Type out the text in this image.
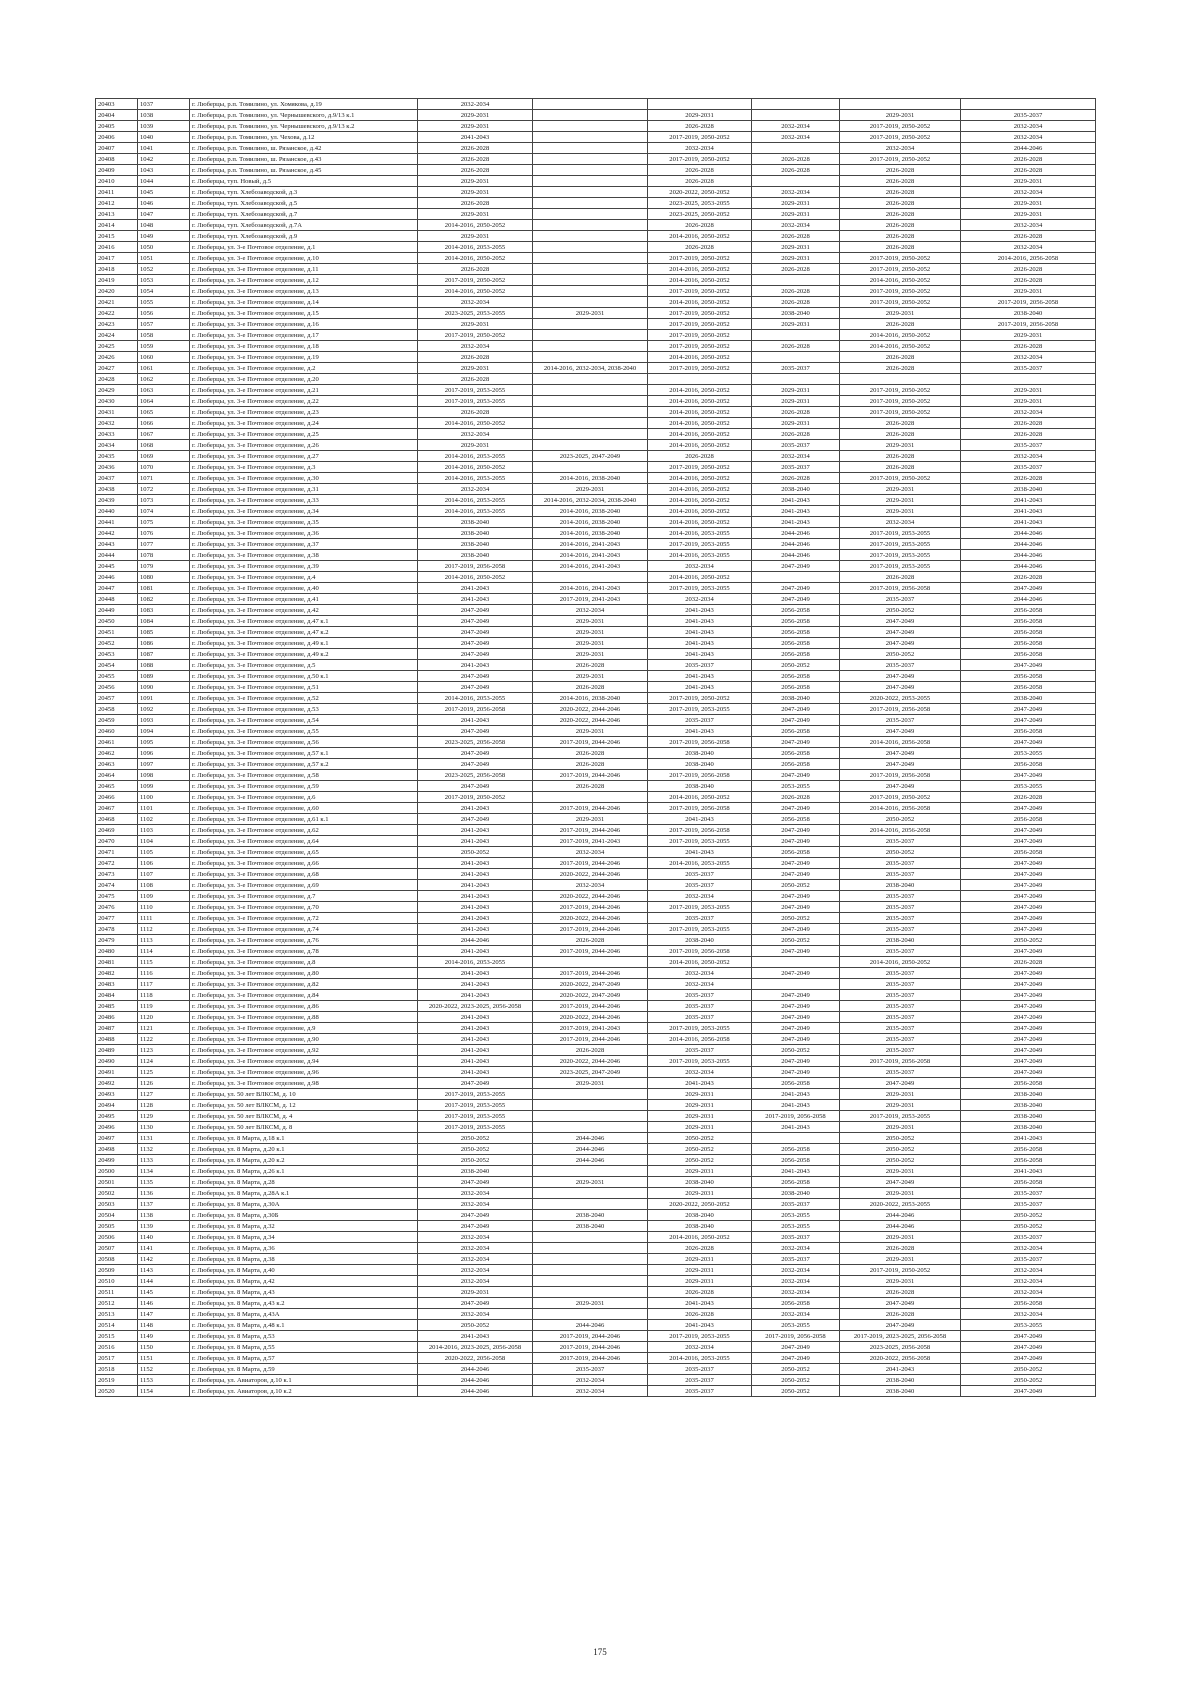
20403	1037	г. Люберцы, р.п. Томилино, ул. Хомякова, д.19	2032-2034					
20404	1038	г. Люберцы, р.п. Томилино, ул. Чернышевского, д.9/13 к.1	2029-2031		2029-2031		2029-2031	2035-2037
20405	1039	г. Люберцы, р.п. Томилино, ул. Чернышевского, д.9/13 к.2	2029-2031		2026-2028	2032-2034	2017-2019, 2050-2052	2032-2034
20406	1040	г. Люберцы, р.п. Томилино, ул. Чехова, д.12	2041-2043		2017-2019, 2050-2052	2032-2034	2017-2019, 2050-2052	2032-2034
20407	1041	г. Люберцы, р.п. Томилино, ш. Рязанское, д.42	2026-2028		2032-2034		2032-2034	2044-2046
20408	1042	г. Люберцы, р.п. Томилино, ш. Рязанское, д.43	2026-2028		2017-2019, 2050-2052	2026-2028	2017-2019, 2050-2052	2026-2028
20409	1043	г. Люберцы, р.п. Томилино, ш. Рязанское, д.45	2026-2028		2026-2028	2026-2028	2026-2028	2026-2028
20410	1044	г. Люберцы, туп. Новый, д.5	2029-2031		2026-2028		2026-2028	2029-2031
20411	1045	г. Люберцы, туп. Хлебозаводской, д.3	2029-2031		2020-2022, 2050-2052	2032-2034	2026-2028	2032-2034
20412	1046	г. Люберцы, туп. Хлебозаводской, д.5	2026-2028		2023-2025, 2053-2055	2029-2031	2026-2028	2029-2031
20413	1047	г. Люберцы, туп. Хлебозаводской, д.7	2029-2031		2023-2025, 2050-2052	2029-2031	2026-2028	2029-2031
20414	1048	г. Люберцы, туп. Хлебозаводской, д.7А	2014-2016, 2050-2052		2026-2028	2032-2034	2026-2028	2032-2034
20415	1049	г. Люберцы, туп. Хлебозаводской, д.9	2029-2031		2014-2016, 2050-2052	2026-2028	2026-2028	2026-2028
20416	1050	г. Люберцы, ул. 3-е Почтовое отделение, д.1	2014-2016, 2053-2055		2026-2028	2029-2031	2026-2028	2032-2034
20417	1051	г. Люберцы, ул. 3-е Почтовое отделение, д.10	2014-2016, 2050-2052		2017-2019, 2050-2052	2029-2031	2017-2019, 2050-2052	2014-2016, 2056-2058
20418	1052	г. Люберцы, ул. 3-е Почтовое отделение, д.11	2026-2028		2014-2016, 2050-2052	2026-2028	2017-2019, 2050-2052	2026-2028
20419	1053	г. Люберцы, ул. 3-е Почтовое отделение, д.12	2017-2019, 2050-2052		2014-2016, 2050-2052		2014-2016, 2050-2052	2026-2028
20420	1054	г. Люберцы, ул. 3-е Почтовое отделение, д.13	2014-2016, 2050-2052		2017-2019, 2050-2052	2026-2028	2017-2019, 2050-2052	2029-2031
20421	1055	г. Люберцы, ул. 3-е Почтовое отделение, д.14	2032-2034		2014-2016, 2050-2052	2026-2028	2017-2019, 2050-2052	2017-2019, 2056-2058
20422	1056	г. Люберцы, ул. 3-е Почтовое отделение, д.15	2023-2025, 2053-2055	2029-2031	2017-2019, 2050-2052	2038-2040	2029-2031	2038-2040
20423	1057	г. Люберцы, ул. 3-е Почтовое отделение, д.16	2029-2031		2017-2019, 2050-2052	2029-2031	2026-2028	2017-2019, 2056-2058
20424	1058	г. Люберцы, ул. 3-е Почтовое отделение, д.17	2017-2019, 2050-2052		2017-2019, 2050-2052		2014-2016, 2050-2052	2029-2031
20425	1059	г. Люберцы, ул. 3-е Почтовое отделение, д.18	2032-2034		2017-2019, 2050-2052	2026-2028	2014-2016, 2050-2052	2026-2028
20426	1060	г. Люберцы, ул. 3-е Почтовое отделение, д.19	2026-2028		2014-2016, 2050-2052		2026-2028	2032-2034
20427	1061	г. Люберцы, ул. 3-е Почтовое отделение, д.2	2029-2031	2014-2016, 2032-2034, 2038-2040	2017-2019, 2050-2052	2035-2037	2026-2028	2035-2037
20428	1062	г. Люберцы, ул. 3-е Почтовое отделение, д.20	2026-2028					
20429	1063	г. Люберцы, ул. 3-е Почтовое отделение, д.21	2017-2019, 2053-2055		2014-2016, 2050-2052	2029-2031	2017-2019, 2050-2052	2029-2031
20430	1064	г. Люберцы, ул. 3-е Почтовое отделение, д.22	2017-2019, 2053-2055		2014-2016, 2050-2052	2029-2031	2017-2019, 2050-2052	2029-2031
20431	1065	г. Люберцы, ул. 3-е Почтовое отделение, д.23	2026-2028		2014-2016, 2050-2052	2026-2028	2017-2019, 2050-2052	2032-2034
20432	1066	г. Люберцы, ул. 3-е Почтовое отделение, д.24	2014-2016, 2050-2052		2014-2016, 2050-2052	2029-2031	2026-2028	2026-2028
20433	1067	г. Люберцы, ул. 3-е Почтовое отделение, д.25	2032-2034		2014-2016, 2050-2052	2026-2028	2026-2028	2026-2028
20434	1068	г. Люберцы, ул. 3-е Почтовое отделение, д.26	2029-2031		2014-2016, 2050-2052	2035-2037	2029-2031	2035-2037
20435	1069	г. Люберцы, ул. 3-е Почтовое отделение, д.27	2014-2016, 2053-2055	2023-2025, 2047-2049	2026-2028	2032-2034	2026-2028	2032-2034
20436	1070	г. Люберцы, ул. 3-е Почтовое отделение, д.3	2014-2016, 2050-2052		2017-2019, 2050-2052	2035-2037	2026-2028	2035-2037
20437	1071	г. Люберцы, ул. 3-е Почтовое отделение, д.30	2014-2016, 2053-2055	2014-2016, 2038-2040	2014-2016, 2050-2052	2026-2028	2017-2019, 2050-2052	2026-2028
20438	1072	г. Люберцы, ул. 3-е Почтовое отделение, д.31	2032-2034	2029-2031	2014-2016, 2050-2052	2038-2040	2029-2031	2038-2040
20439	1073	г. Люберцы, ул. 3-е Почтовое отделение, д.33	2014-2016, 2053-2055	2014-2016, 2032-2034, 2038-2040	2014-2016, 2050-2052	2041-2043	2029-2031	2041-2043
20440	1074	г. Люберцы, ул. 3-е Почтовое отделение, д.34	2014-2016, 2053-2055	2014-2016, 2038-2040	2014-2016, 2050-2052	2041-2043	2029-2031	2041-2043
20441	1075	г. Люберцы, ул. 3-е Почтовое отделение, д.35	2038-2040	2014-2016, 2038-2040	2014-2016, 2050-2052	2041-2043	2032-2034	2041-2043
20442	1076	г. Люберцы, ул. 3-е Почтовое отделение, д.36	2038-2040	2014-2016, 2038-2040	2014-2016, 2053-2055	2044-2046	2017-2019, 2053-2055	2044-2046
20443	1077	г. Люберцы, ул. 3-е Почтовое отделение, д.37	2038-2040	2014-2016, 2041-2043	2017-2019, 2053-2055	2044-2046	2017-2019, 2053-2055	2044-2046
20444	1078	г. Люберцы, ул. 3-е Почтовое отделение, д.38	2038-2040	2014-2016, 2041-2043	2014-2016, 2053-2055	2044-2046	2017-2019, 2053-2055	2044-2046
20445	1079	г. Люберцы, ул. 3-е Почтовое отделение, д.39	2017-2019, 2056-2058	2014-2016, 2041-2043	2032-2034	2047-2049	2017-2019, 2053-2055	2044-2046
20446	1080	г. Люберцы, ул. 3-е Почтовое отделение, д.4	2014-2016, 2050-2052		2014-2016, 2050-2052		2026-2028	2026-2028
20447	1081	г. Люберцы, ул. 3-е Почтовое отделение, д.40	2041-2043	2014-2016, 2041-2043	2017-2019, 2053-2055	2047-2049	2017-2019, 2056-2058	2047-2049
20448	1082	г. Люберцы, ул. 3-е Почтовое отделение, д.41	2041-2043	2017-2019, 2041-2043	2032-2034	2047-2049	2035-2037	2044-2046
20449	1083	г. Люберцы, ул. 3-е Почтовое отделение, д.42	2047-2049	2032-2034	2041-2043	2056-2058	2050-2052	2056-2058
20450	1084	г. Люберцы, ул. 3-е Почтовое отделение, д.47 к.1	2047-2049	2029-2031	2041-2043	2056-2058	2047-2049	2056-2058
20451	1085	г. Люберцы, ул. 3-е Почтовое отделение, д.47 к.2	2047-2049	2029-2031	2041-2043	2056-2058	2047-2049	2056-2058
20452	1086	г. Люберцы, ул. 3-е Почтовое отделение, д.49 к.1	2047-2049	2029-2031	2041-2043	2056-2058	2047-2049	2056-2058
20453	1087	г. Люберцы, ул. 3-е Почтовое отделение, д.49 к.2	2047-2049	2029-2031	2041-2043	2056-2058	2050-2052	2056-2058
20454	1088	г. Люберцы, ул. 3-е Почтовое отделение, д.5	2041-2043	2026-2028	2035-2037	2050-2052	2035-2037	2047-2049
20455	1089	г. Люберцы, ул. 3-е Почтовое отделение, д.50 к.1	2047-2049	2029-2031	2041-2043	2056-2058	2047-2049	2056-2058
20456	1090	г. Люберцы, ул. 3-е Почтовое отделение, д.51	2047-2049	2026-2028	2041-2043	2056-2058	2047-2049	2056-2058
20457	1091	г. Люберцы, ул. 3-е Почтовое отделение, д.52	2014-2016, 2053-2055	2014-2016, 2038-2040	2017-2019, 2050-2052	2038-2040	2020-2022, 2053-2055	2038-2040
20458	1092	г. Люберцы, ул. 3-е Почтовое отделение, д.53	2017-2019, 2056-2058	2020-2022, 2044-2046	2017-2019, 2053-2055	2047-2049	2017-2019, 2056-2058	2047-2049
20459	1093	г. Люберцы, ул. 3-е Почтовое отделение, д.54	2041-2043	2020-2022, 2044-2046	2035-2037	2047-2049	2035-2037	2047-2049
20460	1094	г. Люберцы, ул. 3-е Почтовое отделение, д.55	2047-2049	2029-2031	2041-2043	2056-2058	2047-2049	2056-2058
20461	1095	г. Люберцы, ул. 3-е Почтовое отделение, д.56	2023-2025, 2056-2058	2017-2019, 2044-2046	2017-2019, 2056-2058	2047-2049	2014-2016, 2056-2058	2047-2049
20462	1096	г. Люберцы, ул. 3-е Почтовое отделение, д.57 к.1	2047-2049	2026-2028	2038-2040	2056-2058	2047-2049	2053-2055
20463	1097	г. Люберцы, ул. 3-е Почтовое отделение, д.57 к.2	2047-2049	2026-2028	2038-2040	2056-2058	2047-2049	2056-2058
20464	1098	г. Люберцы, ул. 3-е Почтовое отделение, д.58	2023-2025, 2056-2058	2017-2019, 2044-2046	2017-2019, 2056-2058	2047-2049	2017-2019, 2056-2058	2047-2049
20465	1099	г. Люберцы, ул. 3-е Почтовое отделение, д.59	2047-2049	2026-2028	2038-2040	2053-2055	2047-2049	2053-2055
20466	1100	г. Люберцы, ул. 3-е Почтовое отделение, д.6	2017-2019, 2050-2052		2014-2016, 2050-2052	2026-2028	2017-2019, 2050-2052	2026-2028
20467	1101	г. Люберцы, ул. 3-е Почтовое отделение, д.60	2041-2043	2017-2019, 2044-2046	2017-2019, 2056-2058	2047-2049	2014-2016, 2056-2058	2047-2049
20468	1102	г. Люберцы, ул. 3-е Почтовое отделение, д.61 к.1	2047-2049	2029-2031	2041-2043	2056-2058	2050-2052	2056-2058
20469	1103	г. Люберцы, ул. 3-е Почтовое отделение, д.62	2041-2043	2017-2019, 2044-2046	2017-2019, 2056-2058	2047-2049	2014-2016, 2056-2058	2047-2049
20470	1104	г. Люберцы, ул. 3-е Почтовое отделение, д.64	2041-2043	2017-2019, 2041-2043	2017-2019, 2053-2055	2047-2049	2035-2037	2047-2049
20471	1105	г. Люберцы, ул. 3-е Почтовое отделение, д.65	2050-2052	2032-2034	2041-2043	2056-2058	2050-2052	2056-2058
20472	1106	г. Люберцы, ул. 3-е Почтовое отделение, д.66	2041-2043	2017-2019, 2044-2046	2014-2016, 2053-2055	2047-2049	2035-2037	2047-2049
20473	1107	г. Люберцы, ул. 3-е Почтовое отделение, д.68	2041-2043	2020-2022, 2044-2046	2035-2037	2047-2049	2035-2037	2047-2049
20474	1108	г. Люберцы, ул. 3-е Почтовое отделение, д.69	2041-2043	2032-2034	2035-2037	2050-2052	2038-2040	2047-2049
20475	1109	г. Люберцы, ул. 3-е Почтовое отделение, д.7	2041-2043	2020-2022, 2044-2046	2032-2034	2047-2049	2035-2037	2047-2049
20476	1110	г. Люберцы, ул. 3-е Почтовое отделение, д.70	2041-2043	2017-2019, 2044-2046	2017-2019, 2053-2055	2047-2049	2035-2037	2047-2049
20477	1111	г. Люберцы, ул. 3-е Почтовое отделение, д.72	2041-2043	2020-2022, 2044-2046	2035-2037	2050-2052	2035-2037	2047-2049
20478	1112	г. Люберцы, ул. 3-е Почтовое отделение, д.74	2041-2043	2017-2019, 2044-2046	2017-2019, 2053-2055	2047-2049	2035-2037	2047-2049
20479	1113	г. Люберцы, ул. 3-е Почтовое отделение, д.76	2044-2046	2026-2028	2038-2040	2050-2052	2038-2040	2050-2052
20480	1114	г. Люберцы, ул. 3-е Почтовое отделение, д.78	2041-2043	2017-2019, 2044-2046	2017-2019, 2056-2058	2047-2049	2035-2037	2047-2049
20481	1115	г. Люберцы, ул. 3-е Почтовое отделение, д.8	2014-2016, 2053-2055		2014-2016, 2050-2052		2014-2016, 2050-2052	2026-2028
20482	1116	г. Люберцы, ул. 3-е Почтовое отделение, д.80	2041-2043	2017-2019, 2044-2046	2032-2034	2047-2049	2035-2037	2047-2049
20483	1117	г. Люберцы, ул. 3-е Почтовое отделение, д.82	2041-2043	2020-2022, 2047-2049	2032-2034		2035-2037	2047-2049
20484	1118	г. Люберцы, ул. 3-е Почтовое отделение, д.84	2041-2043	2020-2022, 2047-2049	2035-2037	2047-2049	2035-2037	2047-2049
20485	1119	г. Люберцы, ул. 3-е Почтовое отделение, д.86	2020-2022, 2023-2025, 2056-2058	2017-2019, 2044-2046	2035-2037	2047-2049	2035-2037	2047-2049
20486	1120	г. Люберцы, ул. 3-е Почтовое отделение, д.88	2041-2043	2020-2022, 2044-2046	2035-2037	2047-2049	2035-2037	2047-2049
20487	1121	г. Люберцы, ул. 3-е Почтовое отделение, д.9	2041-2043	2017-2019, 2041-2043	2017-2019, 2053-2055	2047-2049	2035-2037	2047-2049
20488	1122	г. Люберцы, ул. 3-е Почтовое отделение, д.90	2041-2043	2017-2019, 2044-2046	2014-2016, 2056-2058	2047-2049	2035-2037	2047-2049
20489	1123	г. Люберцы, ул. 3-е Почтовое отделение, д.92	2041-2043	2026-2028	2035-2037	2050-2052	2035-2037	2047-2049
20490	1124	г. Люберцы, ул. 3-е Почтовое отделение, д.94	2041-2043	2020-2022, 2044-2046	2017-2019, 2053-2055	2047-2049	2017-2019, 2056-2058	2047-2049
20491	1125	г. Люберцы, ул. 3-е Почтовое отделение, д.96	2041-2043	2023-2025, 2047-2049	2032-2034	2047-2049	2035-2037	2047-2049
20492	1126	г. Люберцы, ул. 3-е Почтовое отделение, д.98	2047-2049	2029-2031	2041-2043	2056-2058	2047-2049	2056-2058
20493	1127	г. Люберцы, ул. 50 лет ВЛКСМ, д. 10	2017-2019, 2053-2055		2029-2031	2041-2043	2029-2031	2038-2040
20494	1128	г. Люберцы, ул. 50 лет ВЛКСМ, д. 12	2017-2019, 2053-2055		2029-2031	2041-2043	2029-2031	2038-2040
20495	1129	г. Люберцы, ул. 50 лет ВЛКСМ, д. 4	2017-2019, 2053-2055		2029-2031	2017-2019, 2056-2058	2017-2019, 2053-2055	2038-2040
20496	1130	г. Люберцы, ул. 50 лет ВЛКСМ, д. 8	2017-2019, 2053-2055		2029-2031	2041-2043	2029-2031	2038-2040
20497	1131	г. Люберцы, ул. 8 Марта, д.18 к.1	2050-2052	2044-2046	2050-2052		2050-2052	2041-2043
20498	1132	г. Люберцы, ул. 8 Марта, д.20 к.1	2050-2052	2044-2046	2050-2052	2056-2058	2050-2052	2056-2058
20499	1133	г. Люберцы, ул. 8 Марта, д.20 к.2	2050-2052	2044-2046	2050-2052	2056-2058	2050-2052	2056-2058
20500	1134	г. Люберцы, ул. 8 Марта, д.26 к.1	2038-2040		2029-2031	2041-2043	2029-2031	2041-2043
20501	1135	г. Люберцы, ул. 8 Марта, д.28	2047-2049	2029-2031	2038-2040	2056-2058	2047-2049	2056-2058
20502	1136	г. Люберцы, ул. 8 Марта, д.28А к.1	2032-2034		2029-2031	2038-2040	2029-2031	2035-2037
20503	1137	г. Люберцы, ул. 8 Марта, д.30А	2032-2034		2020-2022, 2050-2052	2035-2037	2020-2022, 2053-2055	2035-2037
20504	1138	г. Люберцы, ул. 8 Марта, д.30Б	2047-2049	2038-2040	2038-2040	2053-2055	2044-2046	2050-2052
20505	1139	г. Люберцы, ул. 8 Марта, д.32	2047-2049	2038-2040	2038-2040	2053-2055	2044-2046	2050-2052
20506	1140	г. Люберцы, ул. 8 Марта, д.34	2032-2034		2014-2016, 2050-2052	2035-2037	2029-2031	2035-2037
20507	1141	г. Люберцы, ул. 8 Марта, д.36	2032-2034		2026-2028	2032-2034	2026-2028	2032-2034
20508	1142	г. Люберцы, ул. 8 Марта, д.38	2032-2034		2029-2031	2035-2037	2029-2031	2035-2037
20509	1143	г. Люберцы, ул. 8 Марта, д.40	2032-2034		2029-2031	2032-2034	2017-2019, 2050-2052	2032-2034
20510	1144	г. Люберцы, ул. 8 Марта, д.42	2032-2034		2029-2031	2032-2034	2029-2031	2032-2034
20511	1145	г. Люберцы, ул. 8 Марта, д.43	2029-2031		2026-2028	2032-2034	2026-2028	2032-2034
20512	1146	г. Люберцы, ул. 8 Марта, д.43 к.2	2047-2049	2029-2031	2041-2043	2056-2058	2047-2049	2056-2058
20513	1147	г. Люберцы, ул. 8 Марта, д.43А	2032-2034		2026-2028	2032-2034	2026-2028	2032-2034
20514	1148	г. Люберцы, ул. 8 Марта, д.48 к.1	2050-2052	2044-2046	2041-2043	2053-2055	2047-2049	2053-2055
20515	1149	г. Люберцы, ул. 8 Марта, д.53	2041-2043	2017-2019, 2044-2046	2017-2019, 2053-2055	2017-2019, 2056-2058	2017-2019, 2023-2025, 2056-2058	2047-2049
20516	1150	г. Люберцы, ул. 8 Марта, д.55	2014-2016, 2023-2025, 2056-2058	2017-2019, 2044-2046	2032-2034	2047-2049	2023-2025, 2056-2058	2047-2049
20517	1151	г. Люберцы, ул. 8 Марта, д.57	2020-2022, 2056-2058	2017-2019, 2044-2046	2014-2016, 2053-2055	2047-2049	2020-2022, 2056-2058	2047-2049
20518	1152	г. Люберцы, ул. 8 Марта, д.59	2044-2046	2035-2037	2035-2037	2050-2052	2041-2043	2050-2052
20519	1153	г. Люберцы, ул. Авиаторов, д.10 к.1	2044-2046	2032-2034	2035-2037	2050-2052	2038-2040	2050-2052
20520	1154	г. Люберцы, ул. Авиаторов, д.10 к.2	2044-2046	2032-2034	2035-2037	2050-2052	2038-2040	2047-2049
175
